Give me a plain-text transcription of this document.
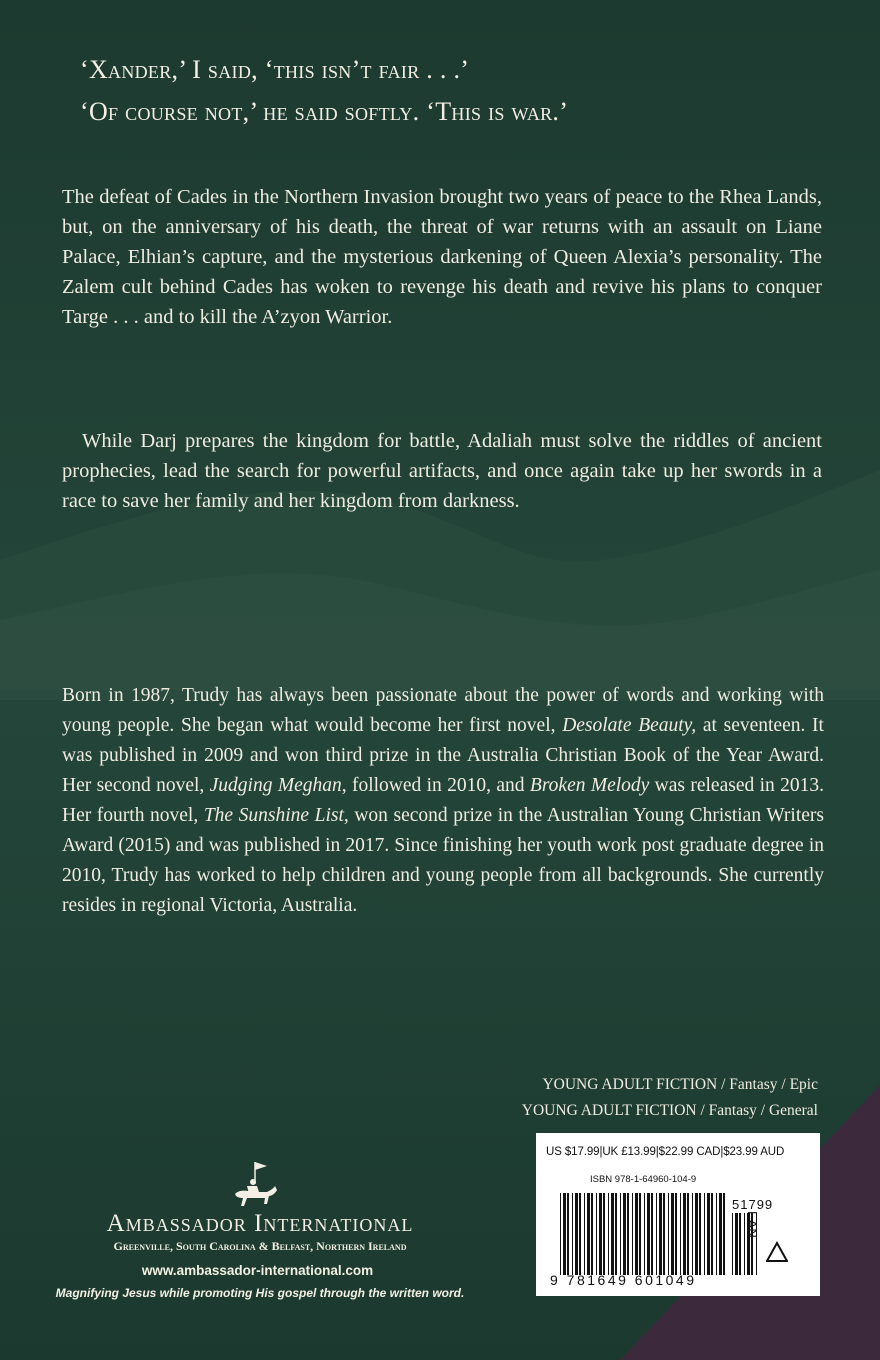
‘Xander,’ I said, ‘this isn’t fair . . .’
‘Of course not,’ he said softly. ‘This is war.’
The defeat of Cades in the Northern Invasion brought two years of peace to the Rhea Lands, but, on the anniversary of his death, the threat of war returns with an assault on Liane Palace, Elhian’s capture, and the mysterious darkening of Queen Alexia’s personality. The Zalem cult behind Cades has woken to revenge his death and revive his plans to conquer Targe . . . and to kill the A’zyon Warrior.
While Darj prepares the kingdom for battle, Adaliah must solve the riddles of ancient prophecies, lead the search for powerful artifacts, and once again take up her swords in a race to save her family and her kingdom from darkness.
Born in 1987, Trudy has always been passionate about the power of words and working with young people. She began what would become her first novel, Desolate Beauty, at seventeen. It was published in 2009 and won third prize in the Australia Christian Book of the Year Award. Her second novel, Judging Meghan, followed in 2010, and Broken Melody was released in 2013. Her fourth novel, The Sunshine List, won second prize in the Australian Young Christian Writers Award (2015) and was published in 2017. Since finishing her youth work post graduate degree in 2010, Trudy has worked to help children and young people from all backgrounds. She currently resides in regional Victoria, Australia.
YOUNG ADULT FICTION / Fantasy / Epic
YOUNG ADULT FICTION / Fantasy / General
US $17.99|UK £13.99|$22.99 CAD|$23.99 AUD
ISBN 978-1-64960-104-9
51799
EAN
9 781649 601049
Ambassador International
Greenville, South Carolina & Belfast, Northern Ireland
www.ambassador-international.com
Magnifying Jesus while promoting His gospel through the written word.
